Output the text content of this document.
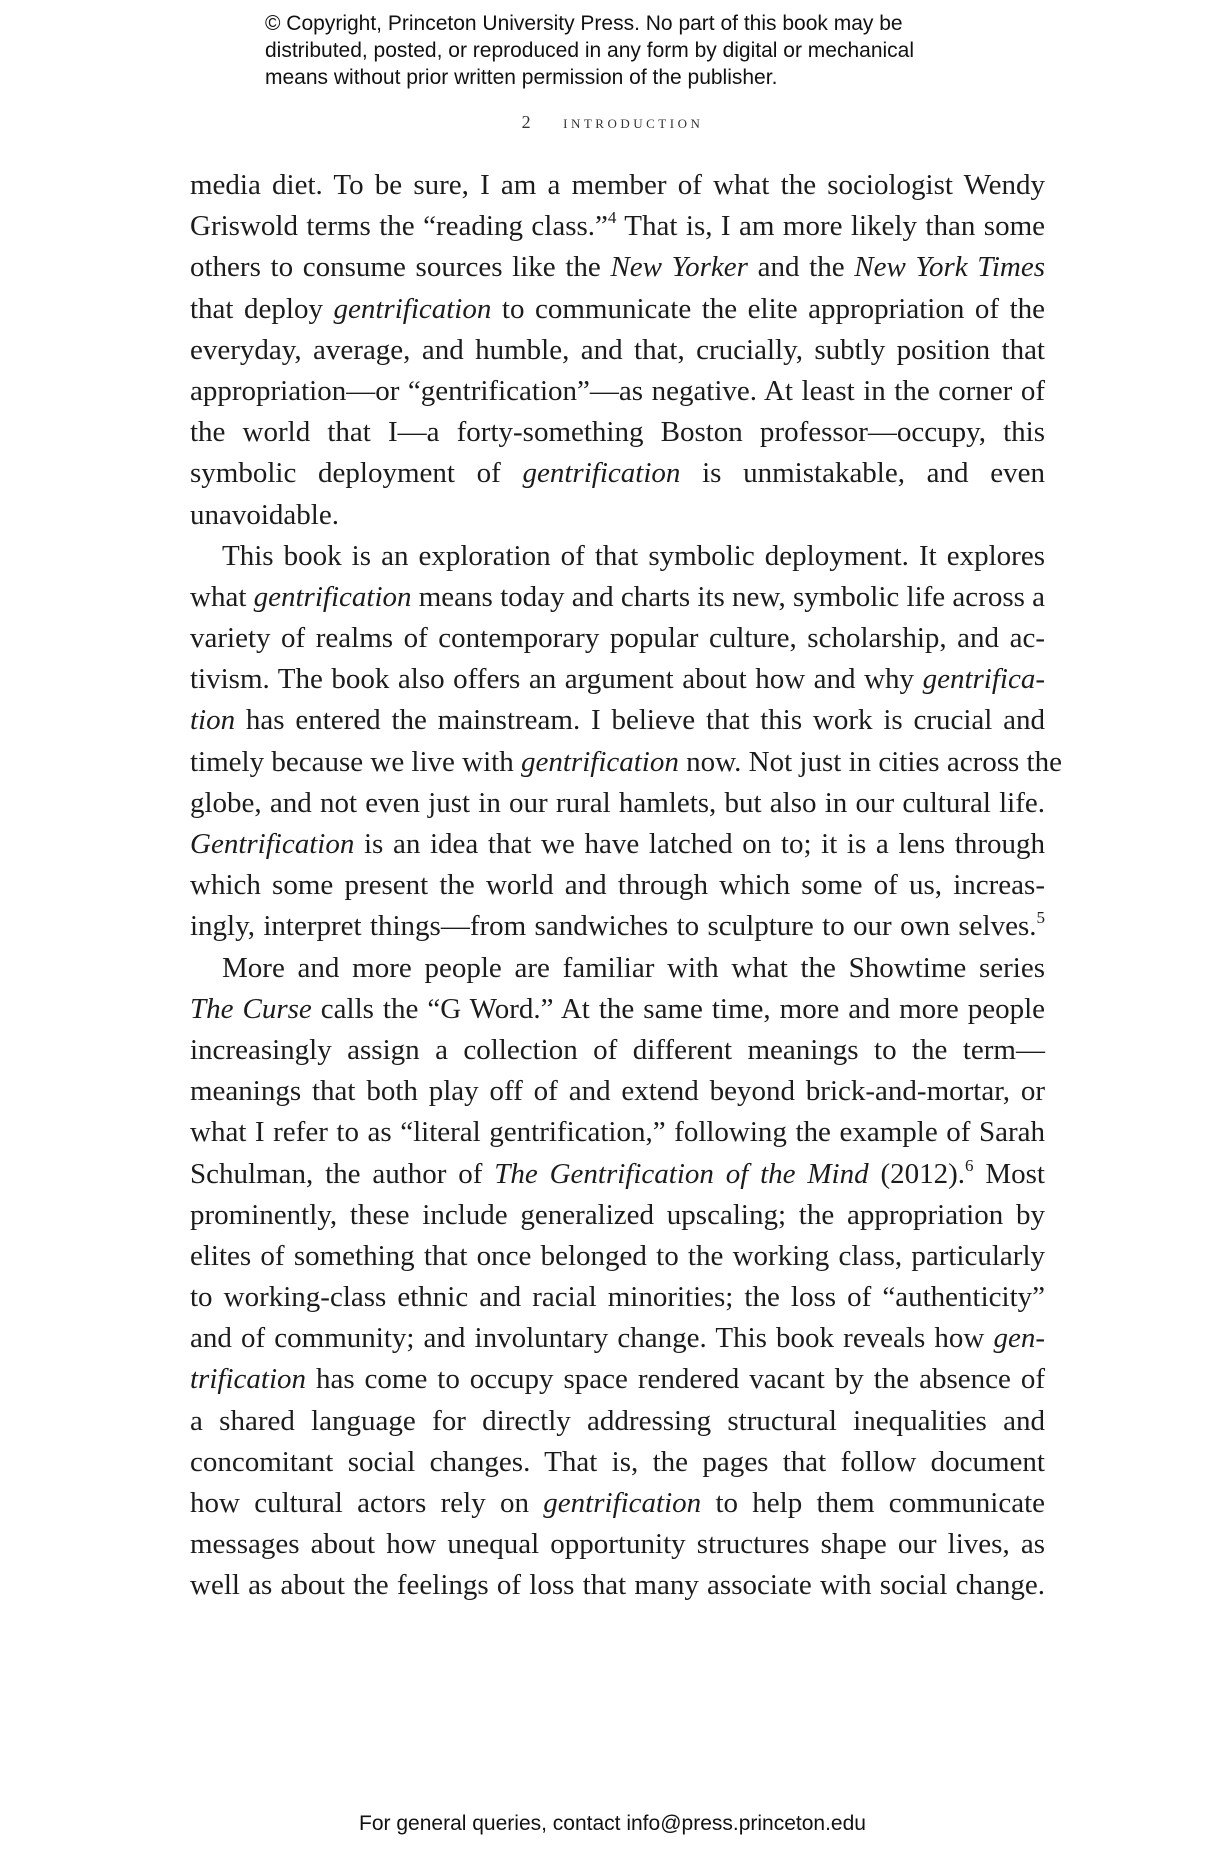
© Copyright, Princeton University Press. No part of this book may be
distributed, posted, or reproduced in any form by digital or mechanical
means without prior written permission of the publisher.
2 introduction
media diet. To be sure, I am a member of what the sociologist Wendy
Griswold terms the “reading class.”$^4$ That is, I am more likely than some
others to consume sources like the New Yorker and the New York Times
that deploy gentrification to communicate the elite appropriation of the
everyday, average, and humble, and that, crucially, subtly position that
appropriation—or “gentrification”—as negative. At least in the corner of
the world that I—a forty-something Boston professor—occupy, this
symbolic deployment of gentrification is unmistakable, and even
unavoidable.
This book is an exploration of that symbolic deployment. It explores
what gentrification means today and charts its new, symbolic life across a
variety of realms of contemporary popular culture, scholarship, and ac-
tivism. The book also offers an argument about how and why gentrifica-
tion has entered the mainstream. I believe that this work is crucial and
timely because we live with gentrification now. Not just in cities across the
globe, and not even just in our rural hamlets, but also in our cultural life.
Gentrification is an idea that we have latched on to; it is a lens through
which some present the world and through which some of us, increas-
ingly, interpret things—from sandwiches to sculpture to our own selves.$^5$
More and more people are familiar with what the Showtime series
The Curse calls the “G Word.” At the same time, more and more people
increasingly assign a collection of different meanings to the term—
meanings that both play off of and extend beyond brick-and-mortar, or
what I refer to as “literal gentrification,” following the example of Sarah
Schulman, the author of The Gentrification of the Mind (2012).$^6$ Most
prominently, these include generalized upscaling; the appropriation by
elites of something that once belonged to the working class, particularly
to working-class ethnic and racial minorities; the loss of “authenticity”
and of community; and involuntary change. This book reveals how gen-
trification has come to occupy space rendered vacant by the absence of
a shared language for directly addressing structural inequalities and
concomitant social changes. That is, the pages that follow document
how cultural actors rely on gentrification to help them communicate
messages about how unequal opportunity structures shape our lives, as
well as about the feelings of loss that many associate with social change.
For general queries, contact info@press.princeton.edu
